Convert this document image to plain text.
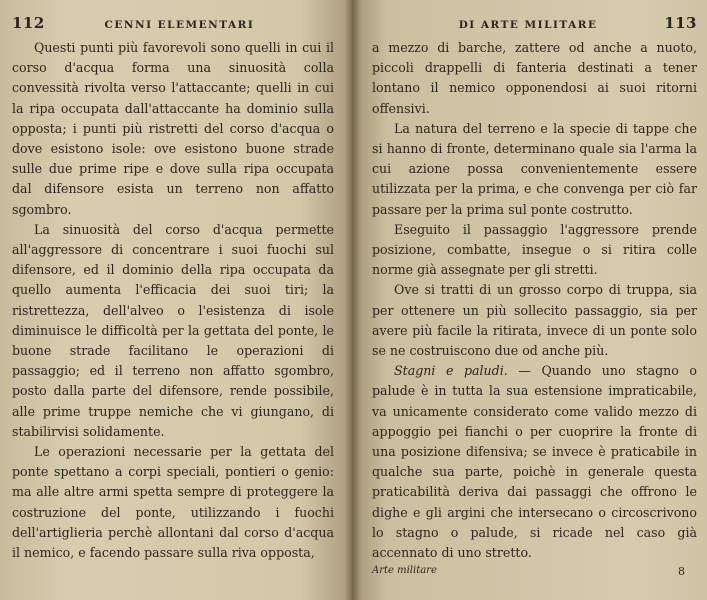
112	CENNI ELEMENTARI

Questi punti più favorevoli sono quelli in cui il corso d'acqua forma una sinuosità colla convessità rivolta verso l'attaccante; quelli in cui la ripa occupata dall'attaccante ha dominio sulla opposta; i punti più ristretti del corso d'acqua o dove esistono isole: ove esistono buone strade sulle due prime ripe e dove sulla ripa occupata dal difensore esista un terreno non affatto sgombro.

La sinuosità del corso d'acqua permette all'aggressore di concentrare i suoi fuochi sul difensore, ed il dominio della ripa occupata da quello aumenta l'efficacia dei suoi tiri; la ristrettezza, dell'alveo o l'esistenza di isole diminuisce le difficoltà per la gettata del ponte, le buone strade facilitano le operazioni di passaggio; ed il terreno non affatto sgombro, posto dalla parte del difensore, rende possibile, alle prime truppe nemiche che vi giungano, di stabilirvisi solidamente.

Le operazioni necessarie per la gettata del ponte spettano a corpi speciali, pontieri o genio: ma alle altre armi spetta sempre di proteggere la costruzione del ponte, utilizzando i fuochi dell'artiglieria perchè allontani dal corso d'acqua il nemico, e facendo passare sulla riva opposta,

DI ARTE MILITARE	113

a mezzo di barche, zattere od anche a nuoto, piccoli drappelli di fanteria destinati a tener lontano il nemico opponendosi ai suoi ritorni offensivi.

La natura del terreno e la specie di tappe che si hanno di fronte, determinano quale sia l'arma la cui azione possa convenientemente essere utilizzata per la prima, e che convenga per ciò far passare per la prima sul ponte costrutto.

Eseguito il passaggio l'aggressore prende posizione, combatte, insegue o si ritira colle norme già assegnate per gli stretti.

Ove si tratti di un grosso corpo di truppa, sia per ottenere un più sollecito passaggio, sia per avere più facile la ritirata, invece di un ponte solo se ne costruiscono due od anche più.

Stagni e paludi. — Quando uno stagno o palude è in tutta la sua estensione impraticabile, va unicamente considerato come valido mezzo di appoggio pei fianchi o per cuoprire la fronte di una posizione difensiva; se invece è praticabile in qualche sua parte, poichè in generale questa praticabilità deriva dai passaggi che offrono le dighe e gli argini che intersecano o circoscrivono lo stagno o palude, si ricade nel caso già accennato di uno stretto.

Arte militare	8
